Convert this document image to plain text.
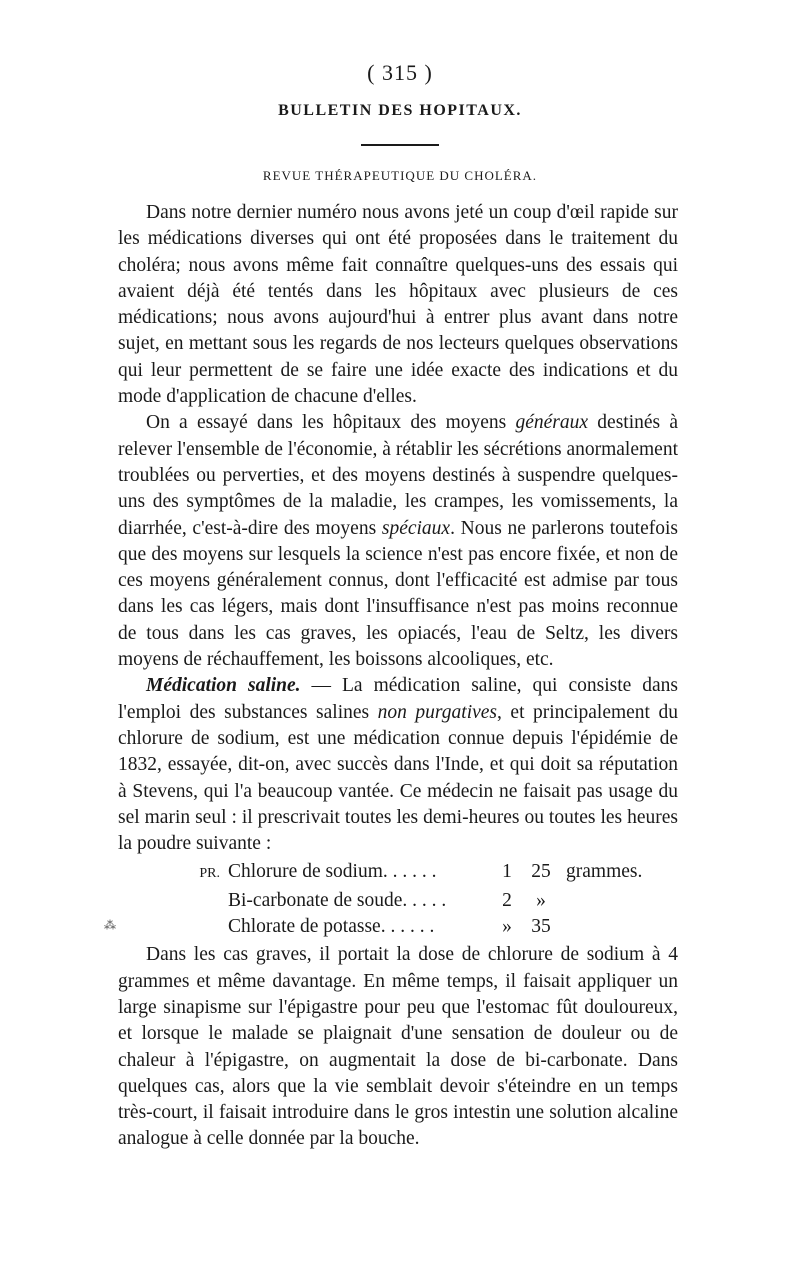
( 315 )
BULLETIN DES HOPITAUX.
REVUE THÉRAPEUTIQUE DU CHOLÉRA.
⁂

Dans notre dernier numéro nous avons jeté un coup d'œil rapide sur les médications diverses qui ont été proposées dans le traitement du choléra; nous avons même fait connaître quelques-uns des essais qui avaient déjà été tentés dans les hôpitaux avec plusieurs de ces médications; nous avons aujourd'hui à entrer plus avant dans notre sujet, en mettant sous les regards de nos lecteurs quelques observations qui leur permettent de se faire une idée exacte des indications et du mode d'application de chacune d'elles.

On a essayé dans les hôpitaux des moyens généraux destinés à relever l'ensemble de l'économie, à rétablir les sécrétions anormalement troublées ou perverties, et des moyens destinés à suspendre quelques-uns des symptômes de la maladie, les crampes, les vomissements, la diarrhée, c'est-à-dire des moyens spéciaux. Nous ne parlerons toutefois que des moyens sur lesquels la science n'est pas encore fixée, et non de ces moyens généralement connus, dont l'efficacité est admise par tous dans les cas légers, mais dont l'insuffisance n'est pas moins reconnue de tous dans les cas graves, les opiacés, l'eau de Seltz, les divers moyens de réchauffement, les boissons alcooliques, etc.

Médication saline. — La médication saline, qui consiste dans l'emploi des substances salines non purgatives, et principalement du chlorure de sodium, est une médication connue depuis l'épidémie de 1832, essayée, dit-on, avec succès dans l'Inde, et qui doit sa réputation à Stevens, qui l'a beaucoup vantée. Ce médecin ne faisait pas usage du sel marin seul : il prescrivait toutes les demi-heures ou toutes les heures la poudre suivante :

PR.	Chlorure de sodium. . . . . .	1	25	grammes.
	Bi-carbonate de soude. . . . .	2	»	
	Chlorate de potasse. . . . . .	»	35	

Dans les cas graves, il portait la dose de chlorure de sodium à 4 grammes et même davantage. En même temps, il faisait appliquer un large sinapisme sur l'épigastre pour peu que l'estomac fût douloureux, et lorsque le malade se plaignait d'une sensation de douleur ou de chaleur à l'épigastre, on augmentait la dose de bi-carbonate. Dans quelques cas, alors que la vie semblait devoir s'éteindre en un temps très-court, il faisait introduire dans le gros intestin une solution alcaline analogue à celle donnée par la bouche.
